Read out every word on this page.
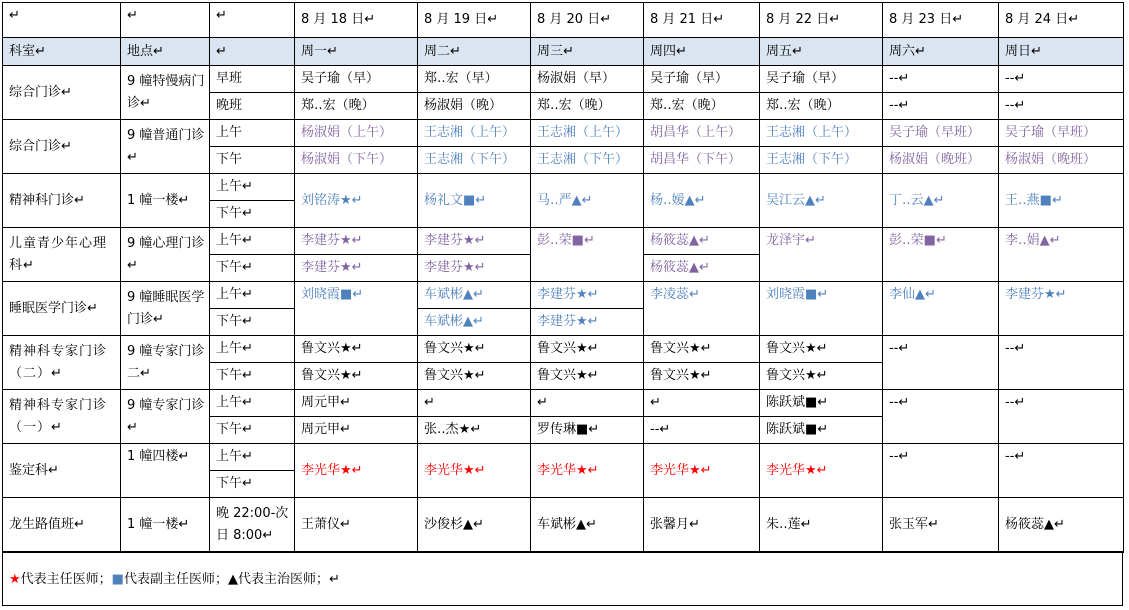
↵	↵	↵	8 月 18 日↵	8 月 19 日↵	8 月 20 日↵	8 月 21 日↵	8 月 22 日↵	8 月 23 日↵	8 月 24 日↵
科室↵	地点↵	↵	周一↵	周二↵	周三↵	周四↵	周五↵	周六↵	周日↵
综合门诊↵	9 幢特慢病门诊↵	早班	吴子瑜（早）	郑‥宏（早）	杨淑娟（早）	吴子瑜（早）	吴子瑜（早）	--↵	--↵
		晚班	郑‥宏（晚）	杨淑娟（晚）	郑‥宏（晚）	郑‥宏（晚）	郑‥宏（晚）	--↵	--↵
综合门诊↵	9 幢普通门诊↵	上午	杨淑娟（上午）	王志湘（上午）	王志湘（上午）	胡昌华（上午）	王志湘（上午）	吴子瑜（早班）	吴子瑜（早班）
		下午	杨淑娟（下午）	王志湘（下午）	王志湘（下午）	胡昌华（下午）	王志湘（下午）	杨淑娟（晚班）	杨淑娟（晚班）
精神科门诊↵	1 幢一楼↵	上午↵	刘铭涛★↵	杨礼文■↵	马‥严▲↵	杨‥嫒▲↵	吴江云▲↵	丁‥云▲↵	王‥燕■↵
		下午↵							
儿童青少年心理科↵	9 幢心理门诊↵	上午↵	李建芬★↵	李建芬★↵	彭‥荣■↵	杨筱蕊▲↵	龙泽宇↵	彭‥荣■↵	李‥娟▲↵
		下午↵	李建芬★↵	李建芬★↵		杨筱蕊▲↵			
睡眠医学门诊↵	9 幢睡眠医学门诊↵	上午↵	刘晓霞■↵	车斌彬▲↵	李建芬★↵	李凌蕊↵	刘晓霞■↵	李仙▲↵	李建芬★↵
		下午↵		车斌彬▲↵	李建芬★↵				
精神科专家门诊（二）↵	9 幢专家门诊二↵	上午↵	鲁文兴★↵	鲁文兴★↵	鲁文兴★↵	鲁文兴★↵	鲁文兴★↵	--↵	--↵
		下午↵	鲁文兴★↵	鲁文兴★↵	鲁文兴★↵	鲁文兴★↵	鲁文兴★↵		
精神科专家门诊（一）↵	9 幢专家门诊↵	上午↵	周元甲↵	↵	↵	↵	陈跃斌■↵	--↵	--↵
		下午↵	周元甲↵	张‥杰★↵	罗传琳■↵	--↵	陈跃斌■↵		
鉴定科↵	1 幢四楼↵	上午↵	李光华★↵	李光华★↵	李光华★↵	李光华★↵	李光华★↵	--↵	--↵
		下午↵							
龙生路值班↵	1 幢一楼↵	晚 22:00-次日 8:00↵	王萧仪↵	沙俊杉▲↵	车斌彬▲↵	张馨月↵	朱‥莲↵	张玉军↵	杨筱蕊▲↵
★代表主任医师；■代表副主任医师；▲代表主治医师；↵
